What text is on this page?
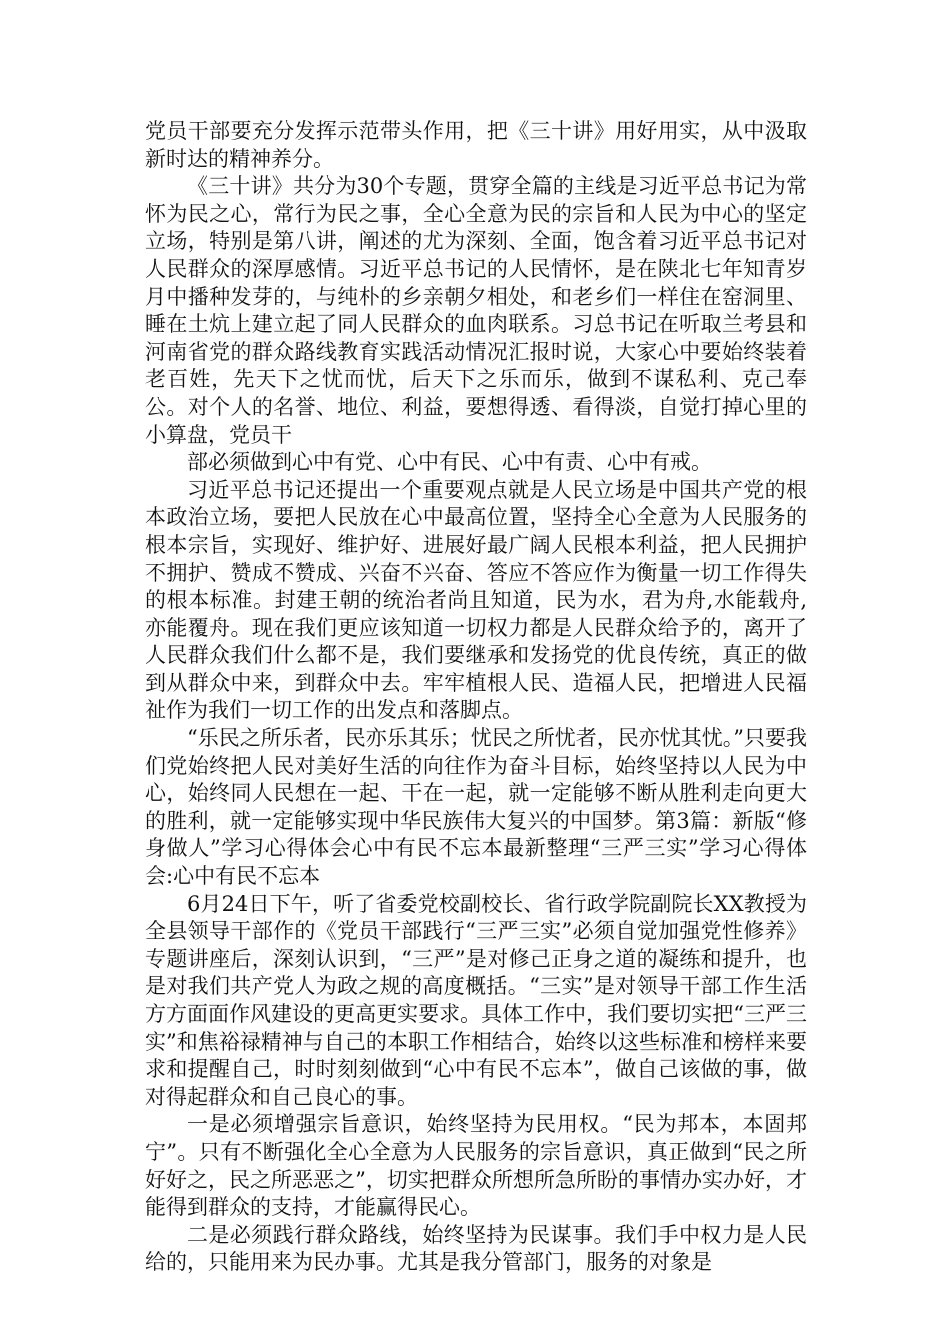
党员干部要充分发挥示范带头作用，把《三十讲》用好用实，从中汲取新时达的精神养分。

《三十讲》共分为30个专题，贯穿全篇的主线是习近平总书记为常怀为民之心，常行为民之事，全心全意为民的宗旨和人民为中心的坚定立场，特别是第八讲，阐述的尤为深刻、全面，饱含着习近平总书记对人民群众的深厚感情。习近平总书记的人民情怀，是在陕北七年知青岁月中播种发芽的，与纯朴的乡亲朝夕相处，和老乡们一样住在窑洞里、睡在土炕上建立起了同人民群众的血肉联系。习总书记在听取兰考县和河南省党的群众路线教育实践活动情况汇报时说，大家心中要始终装着老百姓，先天下之忧而忧，后天下之乐而乐，做到不谋私利、克己奉公。对个人的名誉、地位、利益，要想得透、看得淡，自觉打掉心里的小算盘，党员干

部必须做到心中有党、心中有民、心中有责、心中有戒。

习近平总书记还提出一个重要观点就是人民立场是中国共产党的根本政治立场，要把人民放在心中最高位置，坚持全心全意为人民服务的根本宗旨，实现好、维护好、进展好最广阔人民根本利益，把人民拥护不拥护、赞成不赞成、兴奋不兴奋、答应不答应作为衡量一切工作得失的根本标准。封建王朝的统治者尚且知道，民为水，君为舟,水能载舟,亦能覆舟。现在我们更应该知道一切权力都是人民群众给予的，离开了人民群众我们什么都不是，我们要继承和发扬党的优良传统，真正的做到从群众中来，到群众中去。牢牢植根人民、造福人民，把增进人民福祉作为我们一切工作的出发点和落脚点。

“乐民之所乐者，民亦乐其乐；忧民之所忧者，民亦忧其忧。”只要我们党始终把人民对美好生活的向往作为奋斗目标，始终坚持以人民为中心，始终同人民想在一起、干在一起，就一定能够不断从胜利走向更大的胜利，就一定能够实现中华民族伟大复兴的中国梦。第3篇：新版“修身做人”学习心得体会心中有民不忘本最新整理“三严三实”学习心得体会:心中有民不忘本

6月24日下午，听了省委党校副校长、省行政学院副院长XX教授为全县领导干部作的《党员干部践行“三严三实”必须自觉加强党性修养》专题讲座后，深刻认识到，“三严”是对修己正身之道的凝练和提升，也是对我们共产党人为政之规的高度概括。“三实”是对领导干部工作生活方方面面作风建设的更高更实要求。具体工作中，我们要切实把“三严三实”和焦裕禄精神与自己的本职工作相结合，始终以这些标准和榜样来要求和提醒自己，时时刻刻做到“心中有民不忘本”，做自己该做的事，做对得起群众和自己良心的事。

一是必须增强宗旨意识，始终坚持为民用权。“民为邦本，本固邦宁”。只有不断强化全心全意为人民服务的宗旨意识，真正做到“民之所好好之，民之所恶恶之”，切实把群众所想所急所盼的事情办实办好，才能得到群众的支持，才能赢得民心。

二是必须践行群众路线，始终坚持为民谋事。我们手中权力是人民给的，只能用来为民办事。尤其是我分管部门，服务的对象是
